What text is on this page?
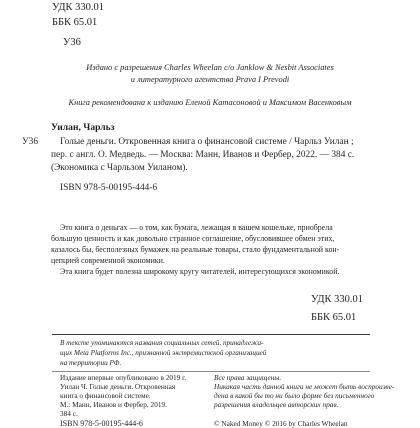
УДК 330.01
ББК 65.01
У36
Издано с разрешения Charles Wheelan c/o Janklow & Nesbit Associates
и литературного агентства Prava I Prevodi
Книга рекомендована к изданию Еленой Катасоновой и Максимом Васенковым
Уилан, Чарльз
У36 Голые деньги. Откровенная книга о финансовой системе / Чарльз Уилан ;
пер. с англ. О. Медведь. — Москва: Манн, Иванов и Фербер, 2022. — 384 с.
(Экономика с Чарльзом Уиланом).
ISBN 978-5-00195-444-6
Это книга о деньгах — о том, как бумага, лежащая в вашем кошельке, приобрела
большую ценность и как довольно странное соглашение, обусловившее обмен этих,
казалось бы, бесполезных бумажек на реальные товары, стало фундаментальной кон-
цепцией современной экономики.
Эта книга будет полезна широкому кругу читателей, интересующихся экономикой.
УДК 330.01
ББК 65.01
В тексте упоминаются названия социальных сетей, принадлежа-
щих Meta Platforms Inc., признанной экстремистской организацией
на территории РФ.
Издание впервые опубликовано в 2019 г.
Уилан Ч. Голые деньги. Откровенная
книга о финансовой системе.
М.: Манн, Иванов и Фербер, 2019.
384 с.
Все права защищены.
Никакая часть данной книги не может быть воспроизве-
дена в какой бы то ни было форме без письменного
разрешения владельцев авторских прав.
ISBN 978-5-00195-444-6	© Naked Money © 2016 by Charles Wheelan
